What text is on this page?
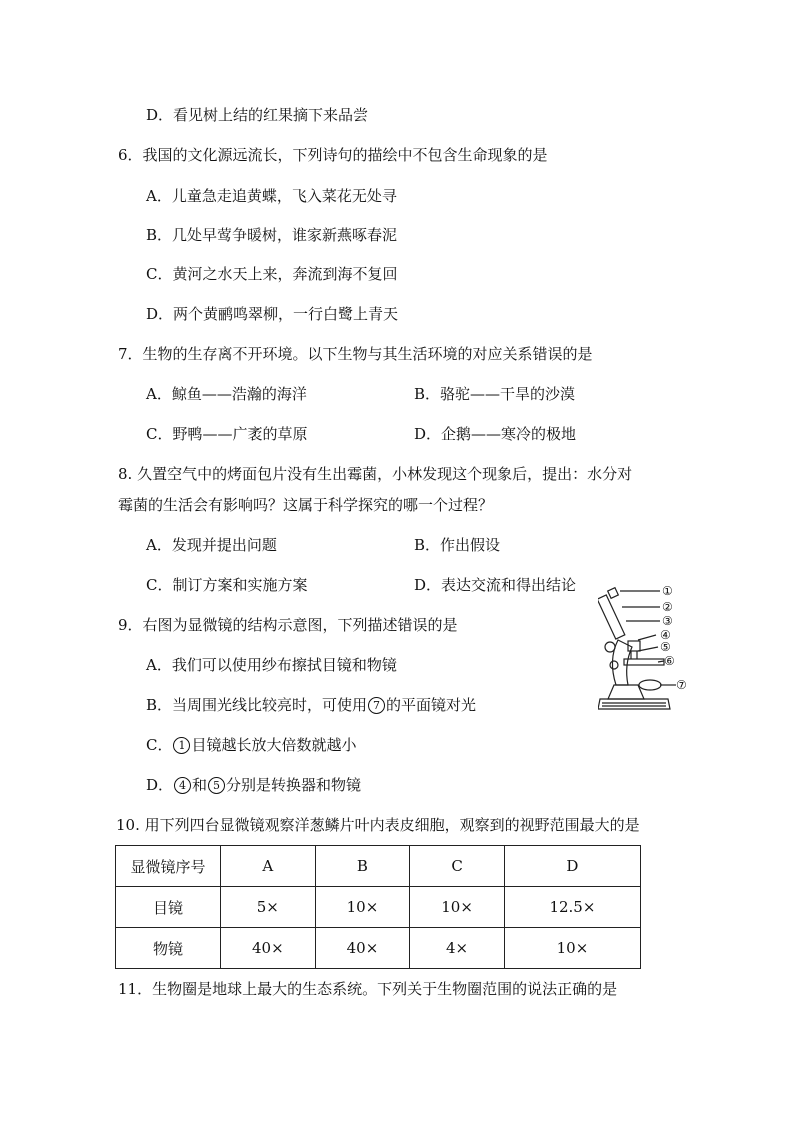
D．看见树上结的红果摘下来品尝
6．我国的文化源远流长，下列诗句的描绘中不包含生命现象的是
A．儿童急走追黄蝶，飞入菜花无处寻
B．几处早莺争暖树，谁家新燕啄春泥
C．黄河之水天上来，奔流到海不复回
D．两个黄鹂鸣翠柳，一行白鹭上青天
7．生物的生存离不开环境。以下生物与其生活环境的对应关系错误的是
A．鲸鱼——浩瀚的海洋	B．骆驼——干旱的沙漠
C．野鸭——广袤的草原	D．企鹅——寒冷的极地
8. 久置空气中的烤面包片没有生出霉菌，小林发现这个现象后，提出：水分对
霉菌的生活会有影响吗？这属于科学探究的哪一个过程？
A．发现并提出问题	B．作出假设
C．制订方案和实施方案	D．表达交流和得出结论
9．右图为显微镜的结构示意图，下列描述错误的是
A．我们可以使用纱布擦拭目镜和物镜
B．当周围光线比较亮时，可使用 7 的平面镜对光
C． 1 目镜越长放大倍数就越小
D． 4 和 5 分别是转换器和物镜
①
②
③
④
⑤
⑥
⑦
10. 用下列四台显微镜观察洋葱鳞片叶内表皮细胞，观察到的视野范围最大的是
显微镜序号	A	B	C	D
目镜	5×	10×	10×	12.5×
物镜	40×	40×	4×	10×
11．生物圈是地球上最大的生态系统。下列关于生物圈范围的说法正确的是
